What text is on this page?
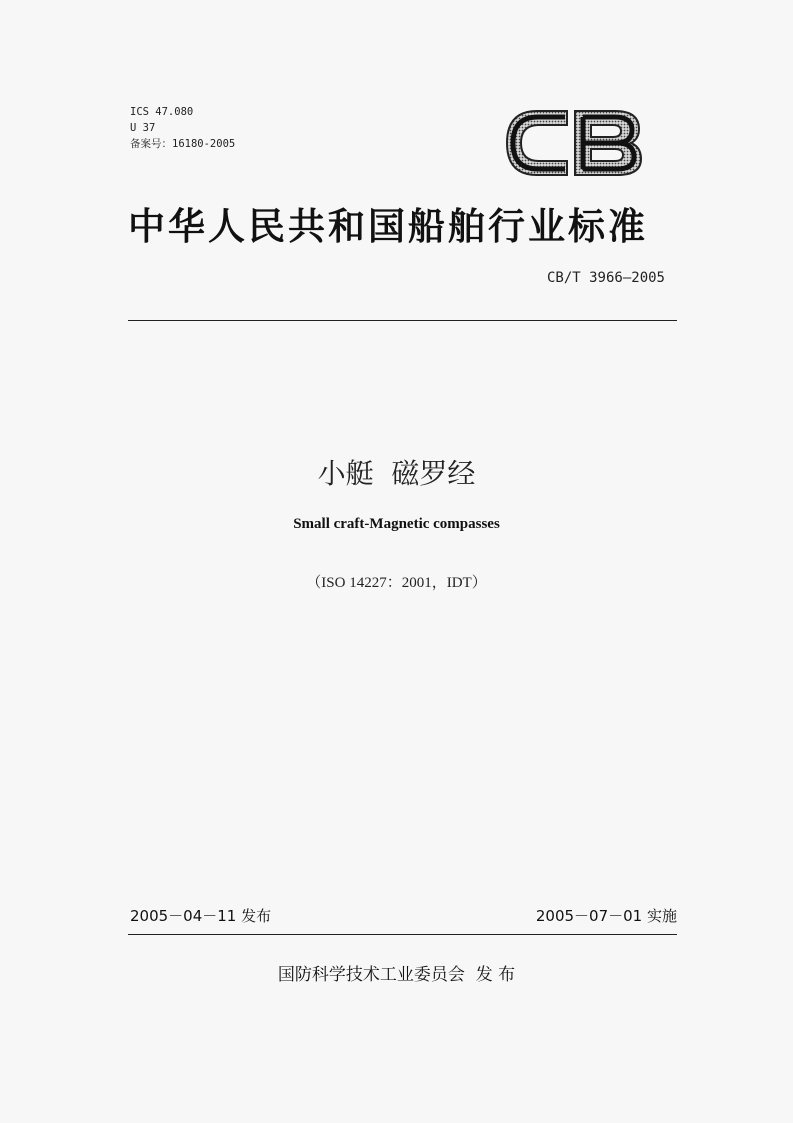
ICS 47.080
U 37
备案号：16180-2005
中华人民共和国船舶行业标准
CB/T 3966—2005
小艇  磁罗经
Small craft-Magnetic compasses
（ISO 14227：2001，IDT）
2005－04－11 发布	2005－07－01 实施
国防科学技术工业委员会  发 布
